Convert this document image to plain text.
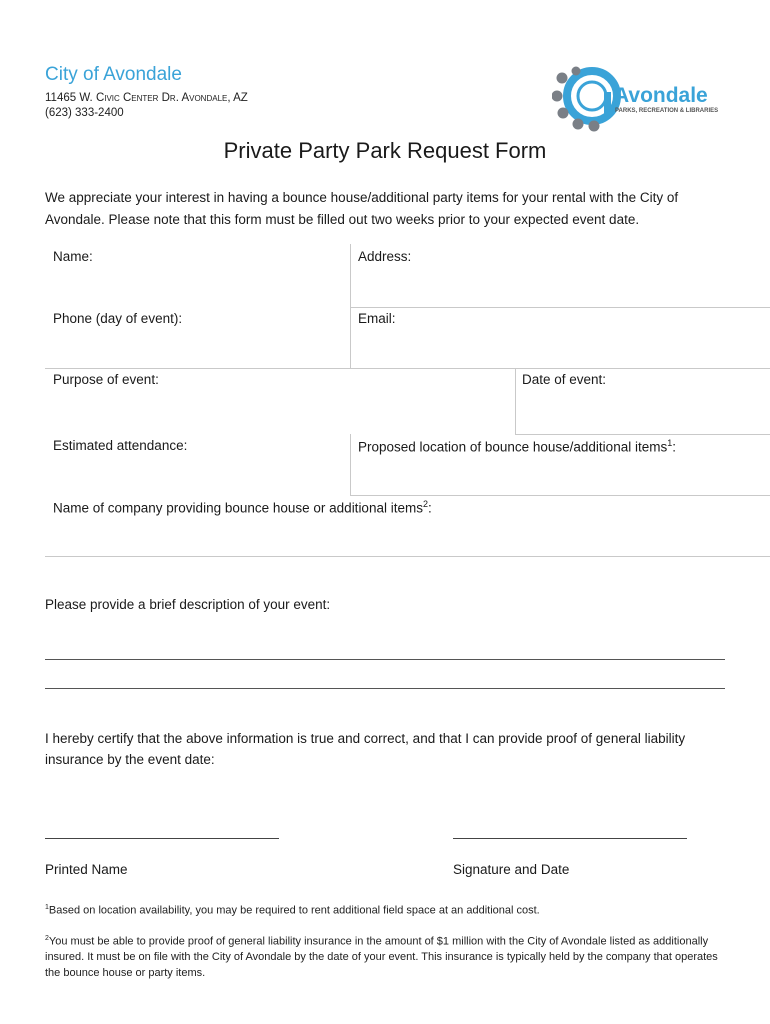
City of Avondale
11465 W. Civic Center Dr. Avondale, AZ
(623) 333-2400
Avondale
PARKS, RECREATION & LIBRARIES
Private Party Park Request Form
We appreciate your interest in having a bounce house/additional party items for your rental with the City of Avondale. Please note that this form must be filled out two weeks prior to your expected event date.
Name:	Address:
Phone (day of event):	Email:
Purpose of event:	Date of event:
Estimated attendance:	Proposed location of bounce house/additional items$^1$:
Name of company providing bounce house or additional items$^2$:
Please provide a brief description of your event:
I hereby certify that the above information is true and correct, and that I can provide proof of general liability insurance by the event date:
Printed Name	Signature and Date
$^1$Based on location availability, you may be required to rent additional field space at an additional cost.
$^2$You must be able to provide proof of general liability insurance in the amount of $1 million with the City of Avondale listed as additionally insured. It must be on file with the City of Avondale by the date of your event. This insurance is typically held by the company that operates the bounce house or party items.
